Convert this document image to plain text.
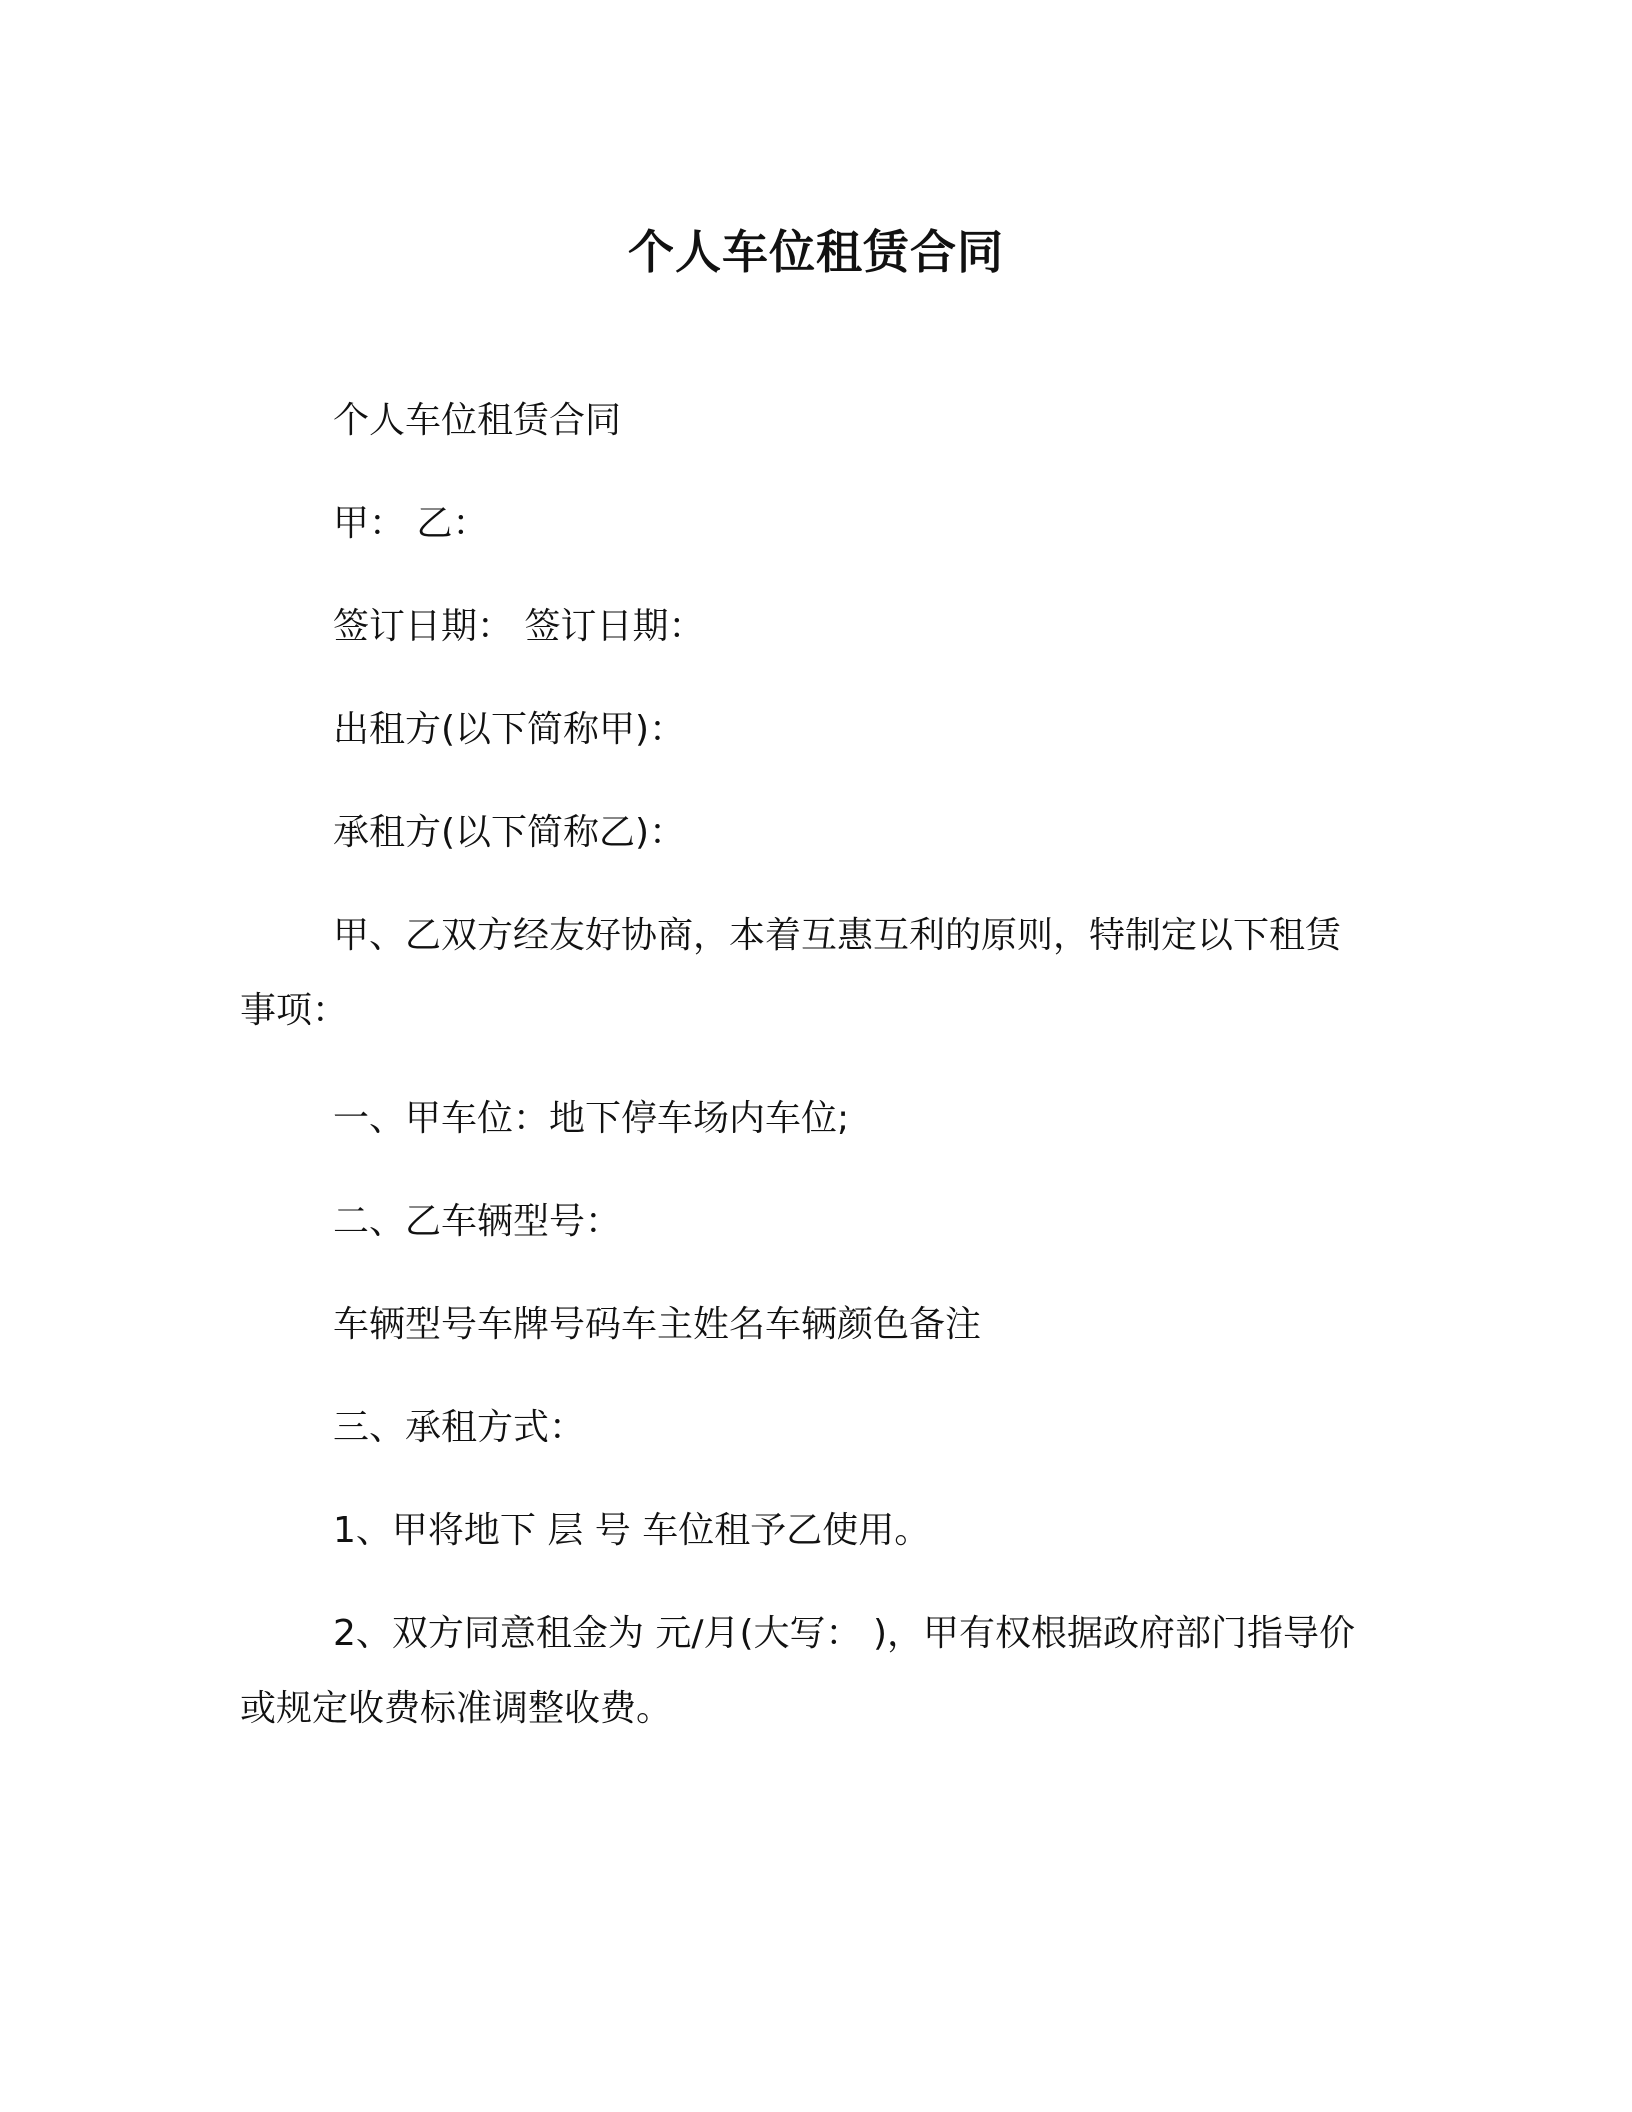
个人车位租赁合同
个人车位租赁合同
甲： 乙：
签订日期： 签订日期：
出租方(以下简称甲)：
承租方(以下简称乙)：
甲、乙双方经友好协商，本着互惠互利的原则，特制定以下租赁
事项：
一、甲车位：地下停车场内车位;
二、乙车辆型号：
车辆型号车牌号码车主姓名车辆颜色备注
三、承租方式：
1、甲将地下 层 号 车位租予乙使用。
2、双方同意租金为 元/月(大写： )，甲有权根据政府部门指导价
或规定收费标准调整收费。
